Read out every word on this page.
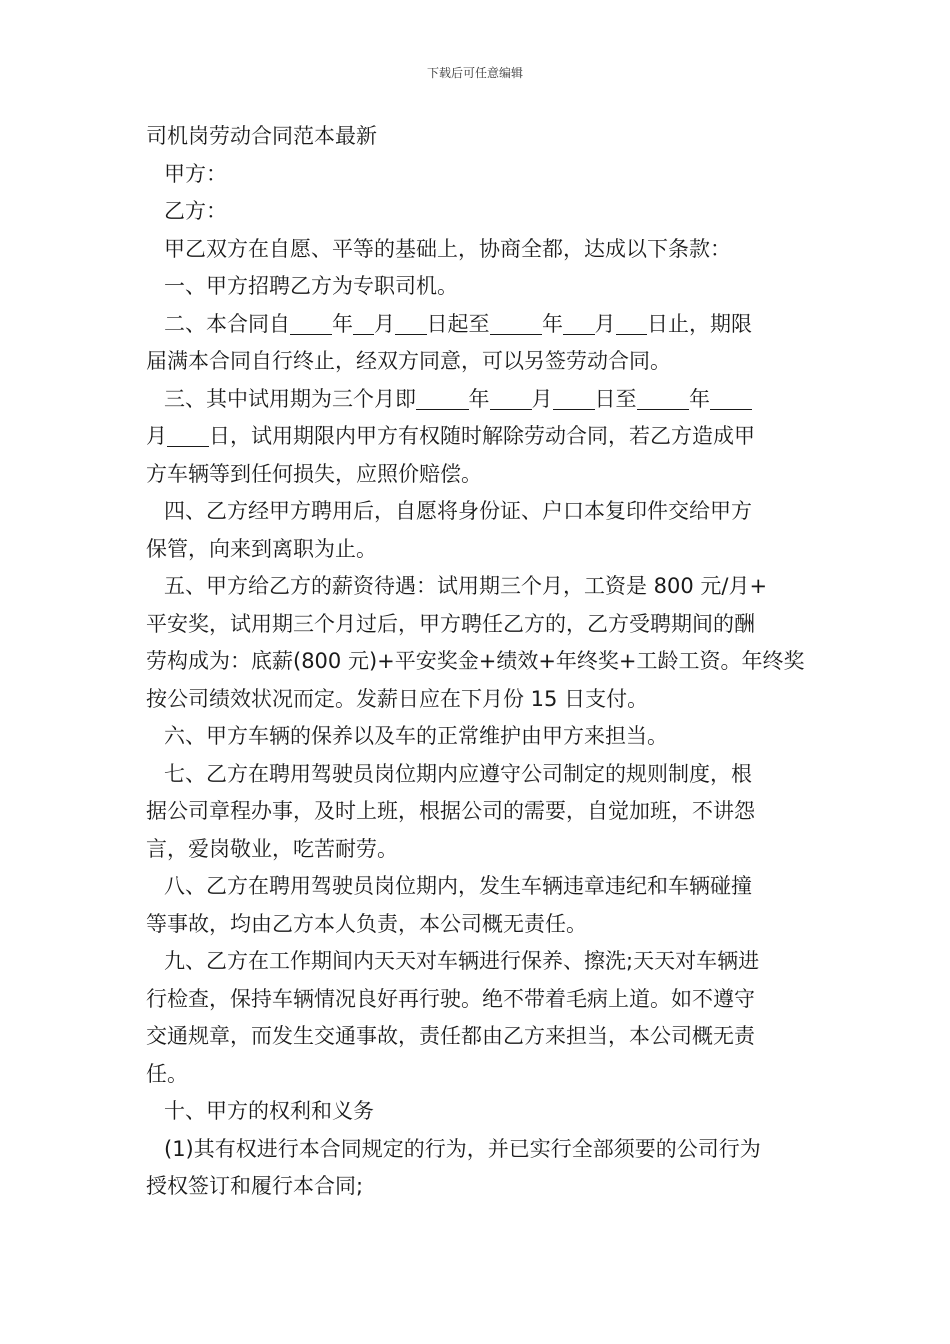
下载后可任意编辑

司机岗劳动合同范本最新

甲方：

乙方：

甲乙双方在自愿、平等的基础上，协商全都，达成以下条款：

一、甲方招聘乙方为专职司机。

二、本合同自 年 月 日起至	年 月 日止，期限

届满本合同自行终止，经双方同意，可以另签劳动合同。

三、其中试用期为三个月即	年 月 日至	年

月 日，试用期限内甲方有权随时解除劳动合同，若乙方造成甲

方车辆等到任何损失，应照价赔偿。

四、乙方经甲方聘用后，自愿将身份证、户口本复印件交给甲方

保管，向来到离职为止。

五、甲方给乙方的薪资待遇：试用期三个月，工资是 800 元/月+

平安奖，试用期三个月过后，甲方聘任乙方的，乙方受聘期间的酬

劳构成为：底薪(800 元)+平安奖金+绩效+年终奖+工龄工资。年终奖

按公司绩效状况而定。发薪日应在下月份 15 日支付。

六、甲方车辆的保养以及车的正常维护由甲方来担当。

七、乙方在聘用驾驶员岗位期内应遵守公司制定的规则制度，根

据公司章程办事，及时上班，根据公司的需要，自觉加班，不讲怨

言，爱岗敬业，吃苦耐劳。

八、乙方在聘用驾驶员岗位期内，发生车辆违章违纪和车辆碰撞

等事故，均由乙方本人负责，本公司概无责任。

九、乙方在工作期间内天天对车辆进行保养、擦洗;天天对车辆进

行检查，保持车辆情况良好再行驶。绝不带着毛病上道。如不遵守

交通规章，而发生交通事故，责任都由乙方来担当，本公司概无责

任。

十、甲方的权利和义务

(1)其有权进行本合同规定的行为，并已实行全部须要的公司行为

授权签订和履行本合同;
